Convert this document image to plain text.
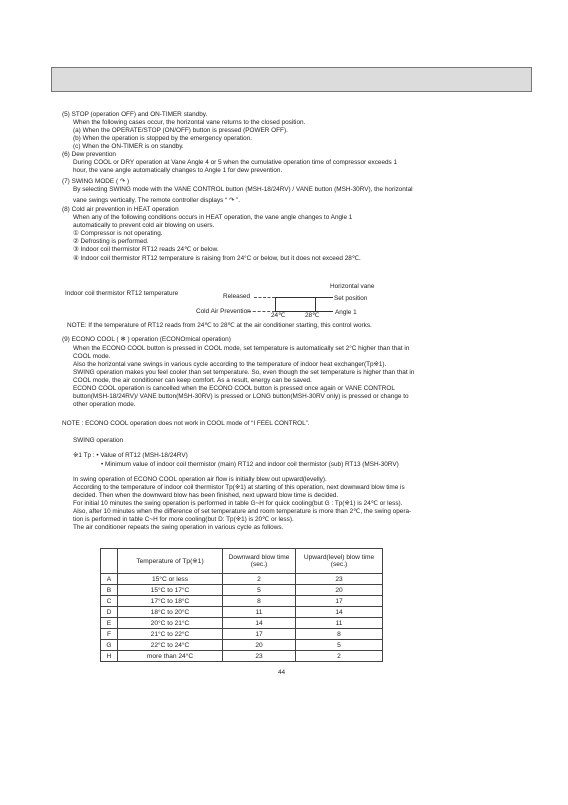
(5) STOP (operation OFF) and ON-TIMER standby.
When the following cases occur, the horizontal vane returns to the closed position.
(a) When the OPERATE/STOP (ON/OFF) button is pressed (POWER OFF).
(b) When the operation is stopped by the emergency operation.
(c) When the ON-TIMER is on standby.
(6) Dew prevention
During COOL or DRY operation at Vane Angle 4 or 5 when the cumulative operation time of compressor exceeds 1
hour, the vane angle automatically changes to Angle 1 for dew prevention.
(7) SWING MODE ( ↷ )
By selecting SWING mode with the VANE CONTROL button (MSH-18/24RV) / VANE button (MSH-30RV), the horizontal
vane swings vertically. The remote controller displays “ ↷ ”.
(8) Cold air prevention in HEAT operation
When any of the following conditions occurs in HEAT operation, the vane angle changes to Angle 1
automatically to prevent cold air blowing on users.
① Compressor is not operating.
② Defrosting is performed.
③ Indoor coil thermistor RT12 reads 24℃ or below.
④ Indoor coil thermistor RT12 temperature is raising from 24°C or below, but it does not exceed 28℃.
Indoor coil thermistor RT12 temperature
Horizontal vane
Released	Set position
Cold Air Prevention	Angle 1
24℃	28℃
NOTE: If the temperature of RT12 reads from 24℃ to 28℃ at the air conditioner starting, this control works.
(9) ECONO COOL ( ❄ ) operation (ECONOmical operation)
When the ECONO COOL button is pressed in COOL mode, set temperature is automatically set 2°C higher than that in
COOL mode.
Also the horizontal vane swings in various cycle according to the temperature of indoor heat exchanger(Tp※1).
SWING operation makes you feel cooler than set temperature. So, even though the set temperature is higher than that in
COOL mode, the air conditioner can keep comfort. As a result, energy can be saved.
ECONO COOL operation is cancelled when the ECONO COOL button is pressed once again or VANE CONTROL
button(MSH-18/24RV)/ VANE button(MSH-30RV) is pressed or LONG button(MSH-30RV only) is pressed or change to
other operation mode.
NOTE : ECONO COOL operation does not work in COOL mode of “I FEEL CONTROL”.
SWING operation
※1 Tp : • Value of RT12 (MSH-18/24RV)
• Minimum value of indoor coil thermistor (main) RT12 and indoor coil thermistor (sub) RT13 (MSH-30RV)
In swing operation of ECONO COOL operation air flow is initially blew out upward(levelly).
According to the temperature of indoor coil thermistor Tp(※1) at starting of this operation, next downward blow time is
decided. Then when the downward blow has been finished, next upward blow time is decided.
For initial 10 minutes the swing operation is performed in table G~H for quick cooling(but G : Tp(※1) is 24℃ or less).
Also, after 10 minutes when the difference of set temperature and room temperature is more than 2℃, the swing opera-
tion is performed in table C~H for more cooling(but D: Tp(※1) is 20℃ or less).
The air conditioner repeats the swing operation in various cycle as follows.
	Temperature of Tp(※1)	Downward blow time (sec.)	Upward(level) blow time (sec.)
A	15°C or less	2	23
B	15°C to 17°C	5	20
C	17°C to 18°C	8	17
D	18°C to 20°C	11	14
E	20°C to 21°C	14	11
F	21°C to 22°C	17	8
G	22°C to 24°C	20	5
H	more than 24°C	23	2
44
